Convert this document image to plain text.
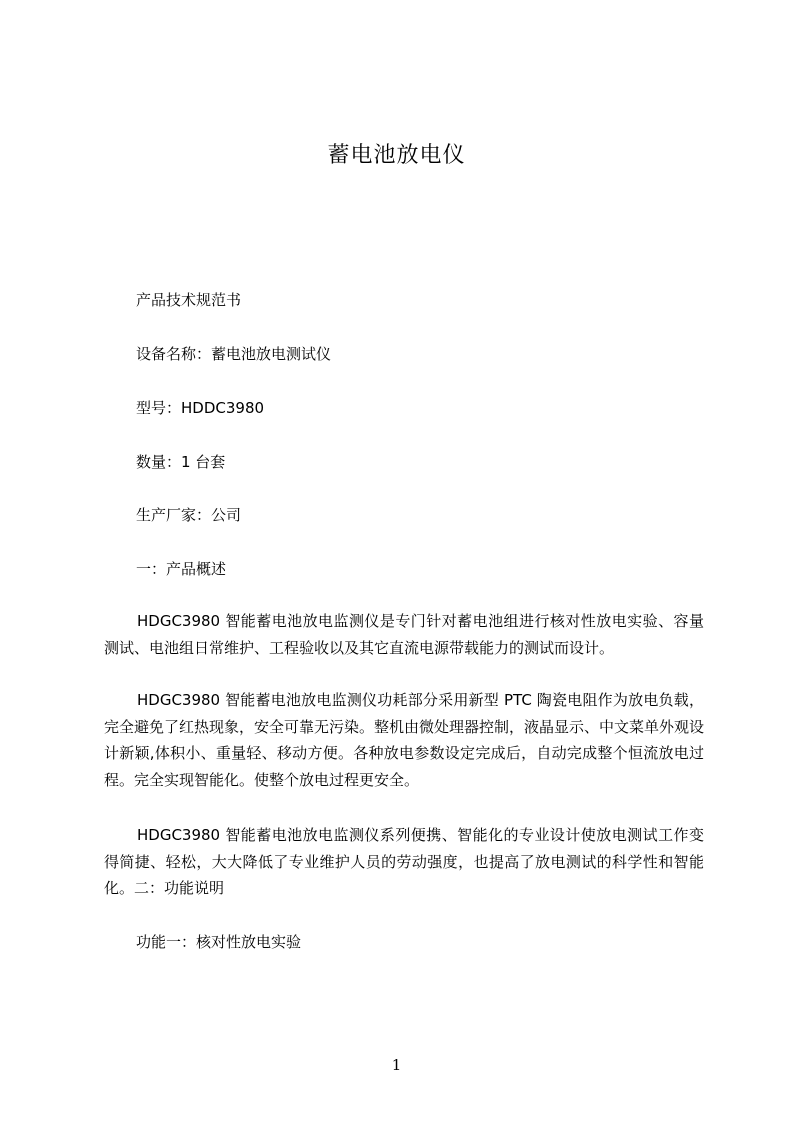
蓄电池放电仪
产品技术规范书
设备名称：蓄电池放电测试仪
型号：HDDC3980
数量：1 台套
生产厂家：公司
一：产品概述
HDGC3980 智能蓄电池放电监测仪是专门针对蓄电池组进行核对性放电实验、容量测试、电池组日常维护、工程验收以及其它直流电源带载能力的测试而设计。
HDGC3980 智能蓄电池放电监测仪功耗部分采用新型 PTC 陶瓷电阻作为放电负载，完全避免了红热现象，安全可靠无污染。整机由微处理器控制，液晶显示、中文菜单外观设计新颖,体积小、重量轻、移动方便。各种放电参数设定完成后，自动完成整个恒流放电过程。完全实现智能化。使整个放电过程更安全。
HDGC3980 智能蓄电池放电监测仪系列便携、智能化的专业设计使放电测试工作变得简捷、轻松，大大降低了专业维护人员的劳动强度，也提高了放电测试的科学性和智能化。二：功能说明
功能一：核对性放电实验
1
